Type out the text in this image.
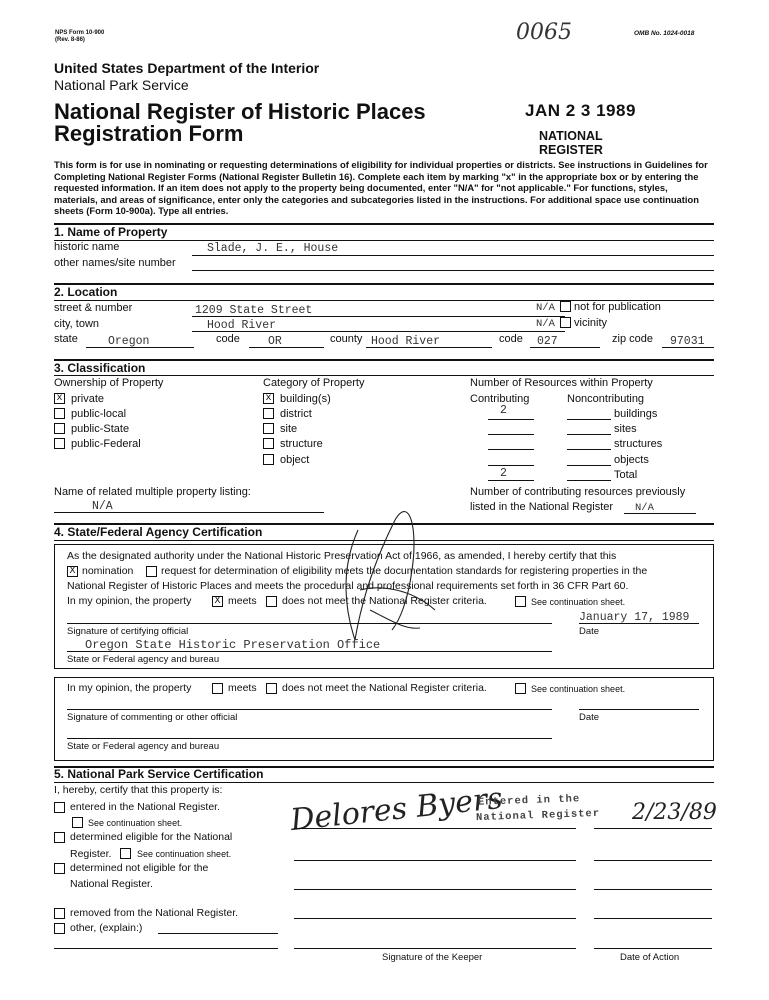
NPS Form 10-900
(Rev. 8-86)	0065	OMB No. 1024-0018
United States Department of the Interior
National Park Service
National Register of Historic Places
Registration Form
JAN 2 3 1989
NATIONAL
REGISTER
This form is for use in nominating or requesting determinations of eligibility for individual properties or districts. See instructions in Guidelines for Completing National Register Forms (National Register Bulletin 16). Complete each item by marking "x" in the appropriate box or by entering the requested information. If an item does not apply to the property being documented, enter "N/A" for "not applicable." For functions, styles, materials, and areas of significance, enter only the categories and subcategories listed in the instructions. For additional space use continuation sheets (Form 10-900a). Type all entries.
1. Name of Property
historic name	Slade, J. E., House
other names/site number
2. Location
street & number	1209 State Street	N/A not for publication
city, town	Hood River	N/A vicinity
state	Oregon	code OR	county Hood River	code 027	zip code 97031
3. Classification
Ownership of Property
x private
public-local
public-State
public-Federal
Category of Property
x building(s)
district
site
structure
object
Number of Resources within Property
Contributing	Noncontributing
2	buildings
sites
structures
objects
2	Total
Name of related multiple property listing:
N/A
Number of contributing resources previously
listed in the National Register N/A
4. State/Federal Agency Certification
As the designated authority under the National Historic Preservation Act of 1966, as amended, I hereby certify that this
X nomination	request for determination of eligibility meets the documentation standards for registering properties in the
National Register of Historic Places and meets the procedural and professional requirements set forth in 36 CFR Part 60.
In my opinion, the property X meets does not meet the National Register criteria.	See continuation sheet.
January 17, 1989
Signature of certifying official	Date
Oregon State Historic Preservation Office
State or Federal agency and bureau
In my opinion, the property	meets does not meet the National Register criteria.	See continuation sheet.
Signature of commenting or other official	Date
State or Federal agency and bureau
5. National Park Service Certification
I, hereby, certify that this property is:
entered in the National Register.
See continuation sheet.
determined eligible for the National
Register.	See continuation sheet.
determined not eligible for the
National Register.
removed from the National Register.
other, (explain:)
Delores Byers
Entered in the
National Register 2/23/89
Signature of the Keeper	Date of Action
